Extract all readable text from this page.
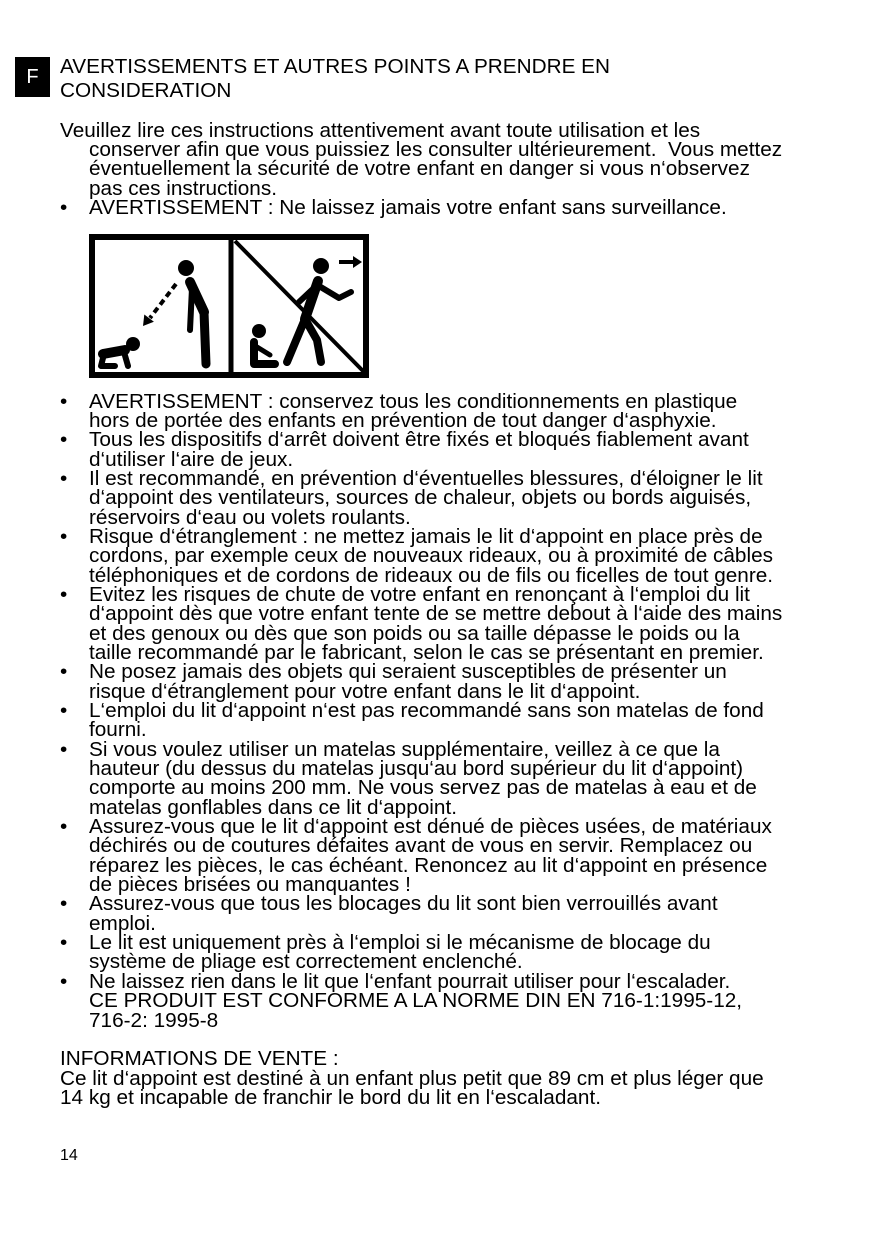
F AVERTISSEMENTS ET AUTRES POINTS A PRENDRE EN
CONSIDERATION
Veuillez lire ces instructions attentivement avant toute utilisation et les
conserver afin que vous puissiez les consulter ultérieurement.  Vous mettez
éventuellement la sécurité de votre enfant en danger si vous n‘observez
pas ces instructions.
•	AVERTISSEMENT : Ne laissez jamais votre enfant sans surveillance.
•	AVERTISSEMENT : conservez tous les conditionnements en plastique
hors de portée des enfants en prévention de tout danger d‘asphyxie.
•	Tous les dispositifs d‘arrêt doivent être fixés et bloqués fiablement avant
d‘utiliser l‘aire de jeux.
•	Il est recommandé, en prévention d‘éventuelles blessures, d‘éloigner le lit
d‘appoint des ventilateurs, sources de chaleur, objets ou bords aiguisés,
réservoirs d‘eau ou volets roulants.
•	Risque d‘étranglement : ne mettez jamais le lit d‘appoint en place près de
cordons, par exemple ceux de nouveaux rideaux, ou à proximité de câbles
téléphoniques et de cordons de rideaux ou de fils ou ficelles de tout genre.
•	Evitez les risques de chute de votre enfant en renonçant à l‘emploi du lit
d‘appoint dès que votre enfant tente de se mettre debout à l‘aide des mains
et des genoux ou dès que son poids ou sa taille dépasse le poids ou la
taille recommandé par le fabricant, selon le cas se présentant en premier.
•	Ne posez jamais des objets qui seraient susceptibles de présenter un
risque d‘étranglement pour votre enfant dans le lit d‘appoint.
•	L‘emploi du lit d‘appoint n‘est pas recommandé sans son matelas de fond
fourni.
•	Si vous voulez utiliser un matelas supplémentaire, veillez à ce que la
hauteur (du dessus du matelas jusqu‘au bord supérieur du lit d‘appoint)
comporte au moins 200 mm. Ne vous servez pas de matelas à eau et de
matelas gonflables dans ce lit d‘appoint.
•	Assurez-vous que le lit d‘appoint est dénué de pièces usées, de matériaux
déchirés ou de coutures défaites avant de vous en servir. Remplacez ou
réparez les pièces, le cas échéant. Renoncez au lit d‘appoint en présence
de pièces brisées ou manquantes !
•	Assurez-vous que tous les blocages du lit sont bien verrouillés avant
emploi.
•	Le lit est uniquement près à l‘emploi si le mécanisme de blocage du
système de pliage est correctement enclenché.
•	Ne laissez rien dans le lit que l‘enfant pourrait utiliser pour l‘escalader.
CE PRODUIT EST CONFORME A LA NORME DIN EN 716-1:1995-12,
716-2: 1995-8
INFORMATIONS DE VENTE :
Ce lit d‘appoint est destiné à un enfant plus petit que 89 cm et plus léger que
14 kg et incapable de franchir le bord du lit en l‘escaladant.
14
